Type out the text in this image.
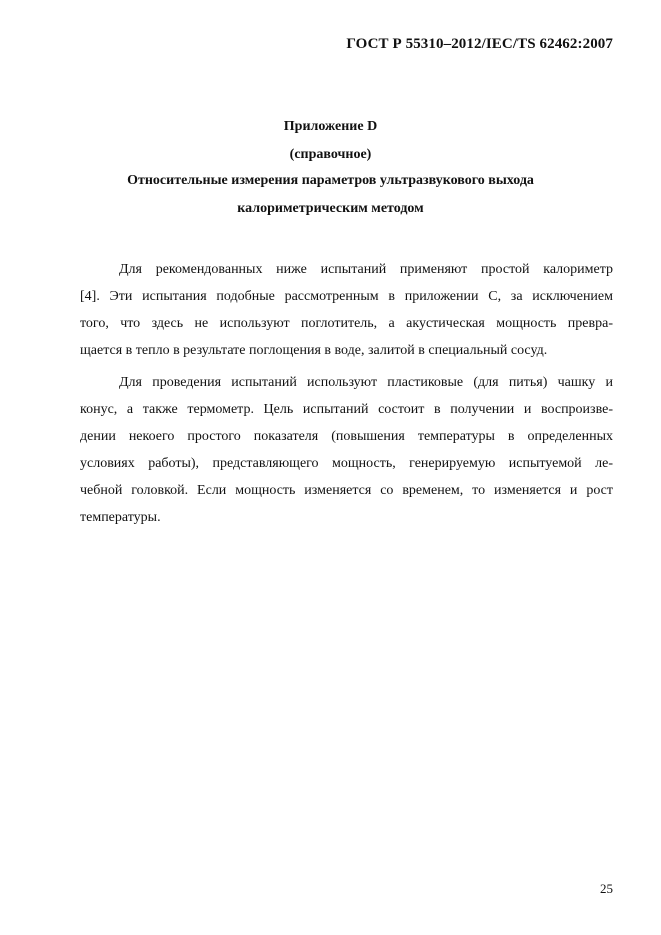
ГОСТ Р 55310–2012/IEC/TS 62462:2007
Приложение D
(справочное)
Относительные измерения параметров ультразвукового выхода
калориметрическим методом
Для рекомендованных ниже испытаний применяют простой калориметр
[4]. Эти испытания подобные рассмотренным в приложении С, за исключением
того, что здесь не используют поглотитель, а акустическая мощность превра-
щается в тепло в результате поглощения в воде, залитой в специальный сосуд.
Для проведения испытаний используют пластиковые (для питья) чашку и
конус, а также термометр. Цель испытаний состоит в получении и воспроизве-
дении некоего простого показателя (повышения температуры в определенных
условиях работы), представляющего мощность, генерируемую испытуемой ле-
чебной головкой. Если мощность изменяется со временем, то изменяется и рост
температуры.
25
